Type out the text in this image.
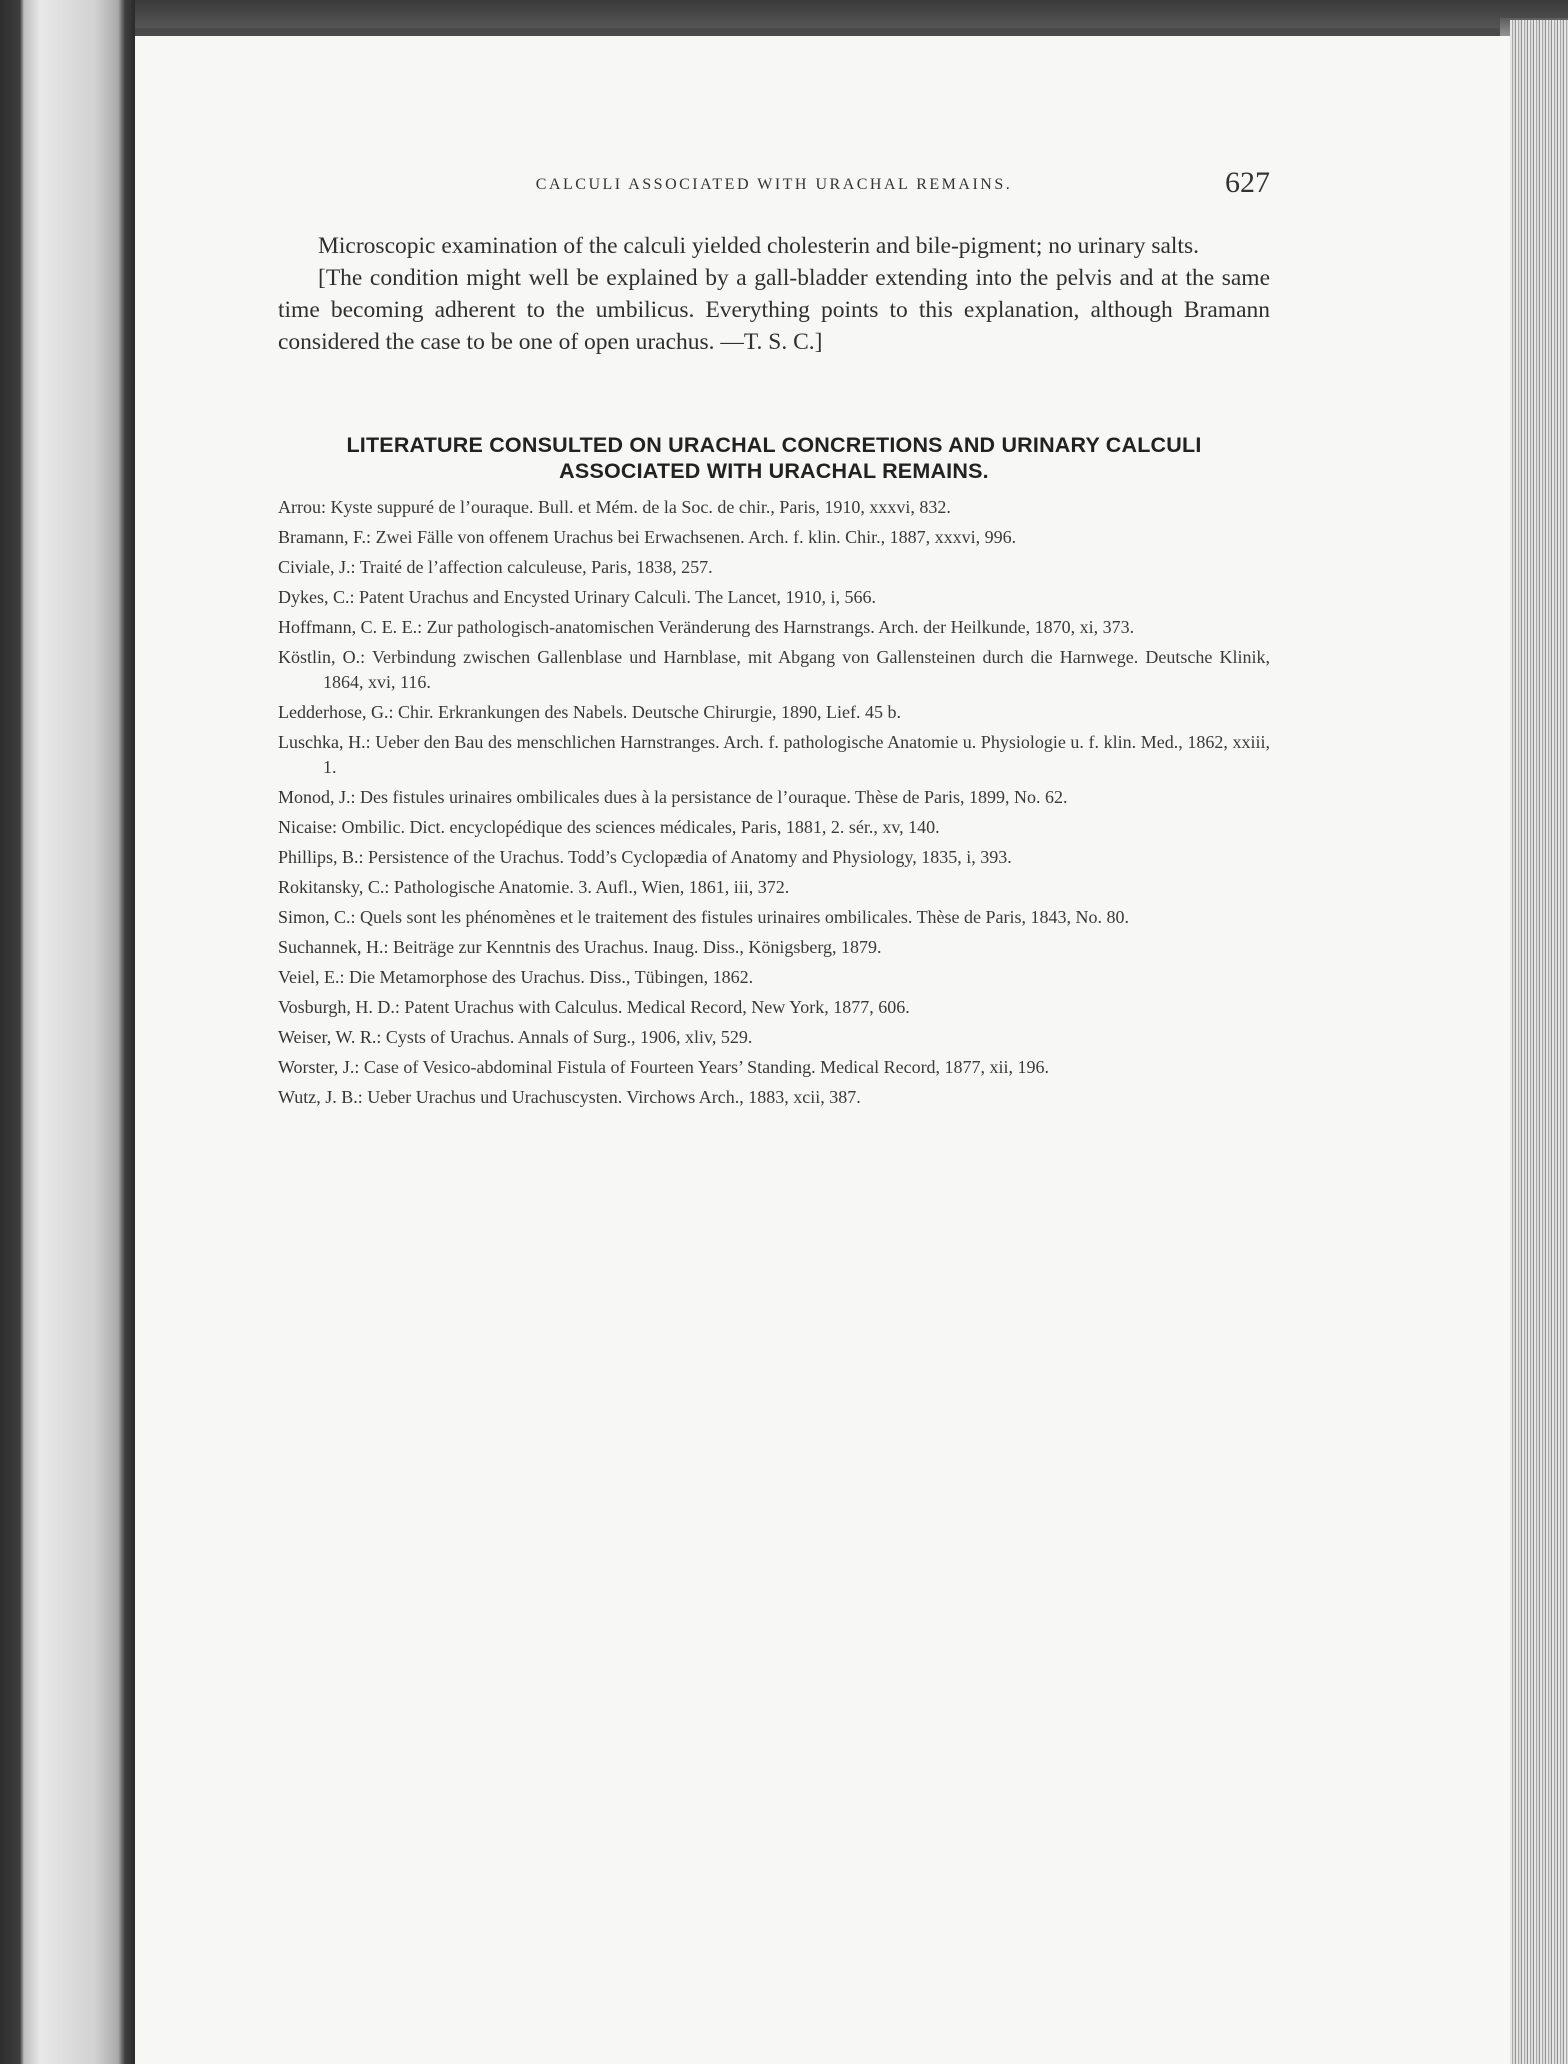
CALCULI ASSOCIATED WITH URACHAL REMAINS.	627

Microscopic examination of the calculi yielded cholesterin and bile-pigment; no urinary salts.

[The condition might well be explained by a gall-bladder extending into the pelvis and at the same time becoming adherent to the umbilicus. Everything points to this explanation, although Bramann considered the case to be one of open urachus. —T. S. C.]

LITERATURE CONSULTED ON URACHAL CONCRETIONS AND URINARY CALCULI
ASSOCIATED WITH URACHAL REMAINS.
Arrou: Kyste suppuré de l’ouraque. Bull. et Mém. de la Soc. de chir., Paris, 1910, xxxvi, 832.
Bramann, F.: Zwei Fälle von offenem Urachus bei Erwachsenen. Arch. f. klin. Chir., 1887, xxxvi, 996.
Civiale, J.: Traité de l’affection calculeuse, Paris, 1838, 257.
Dykes, C.: Patent Urachus and Encysted Urinary Calculi. The Lancet, 1910, i, 566.
Hoffmann, C. E. E.: Zur pathologisch-anatomischen Veränderung des Harnstrangs. Arch. der Heilkunde, 1870, xi, 373.
Köstlin, O.: Verbindung zwischen Gallenblase und Harnblase, mit Abgang von Gallensteinen durch die Harnwege. Deutsche Klinik, 1864, xvi, 116.
Ledderhose, G.: Chir. Erkrankungen des Nabels. Deutsche Chirurgie, 1890, Lief. 45 b.
Luschka, H.: Ueber den Bau des menschlichen Harnstranges. Arch. f. pathologische Anatomie u. Physiologie u. f. klin. Med., 1862, xxiii, 1.
Monod, J.: Des fistules urinaires ombilicales dues à la persistance de l’ouraque. Thèse de Paris, 1899, No. 62.
Nicaise: Ombilic. Dict. encyclopédique des sciences médicales, Paris, 1881, 2. sér., xv, 140.
Phillips, B.: Persistence of the Urachus. Todd’s Cyclopædia of Anatomy and Physiology, 1835, i, 393.
Rokitansky, C.: Pathologische Anatomie. 3. Aufl., Wien, 1861, iii, 372.
Simon, C.: Quels sont les phénomènes et le traitement des fistules urinaires ombilicales. Thèse de Paris, 1843, No. 80.
Suchannek, H.: Beiträge zur Kenntnis des Urachus. Inaug. Diss., Königsberg, 1879.
Veiel, E.: Die Metamorphose des Urachus. Diss., Tübingen, 1862.
Vosburgh, H. D.: Patent Urachus with Calculus. Medical Record, New York, 1877, 606.
Weiser, W. R.: Cysts of Urachus. Annals of Surg., 1906, xliv, 529.
Worster, J.: Case of Vesico-abdominal Fistula of Fourteen Years’ Standing. Medical Record, 1877, xii, 196.
Wutz, J. B.: Ueber Urachus und Urachuscysten. Virchows Arch., 1883, xcii, 387.
